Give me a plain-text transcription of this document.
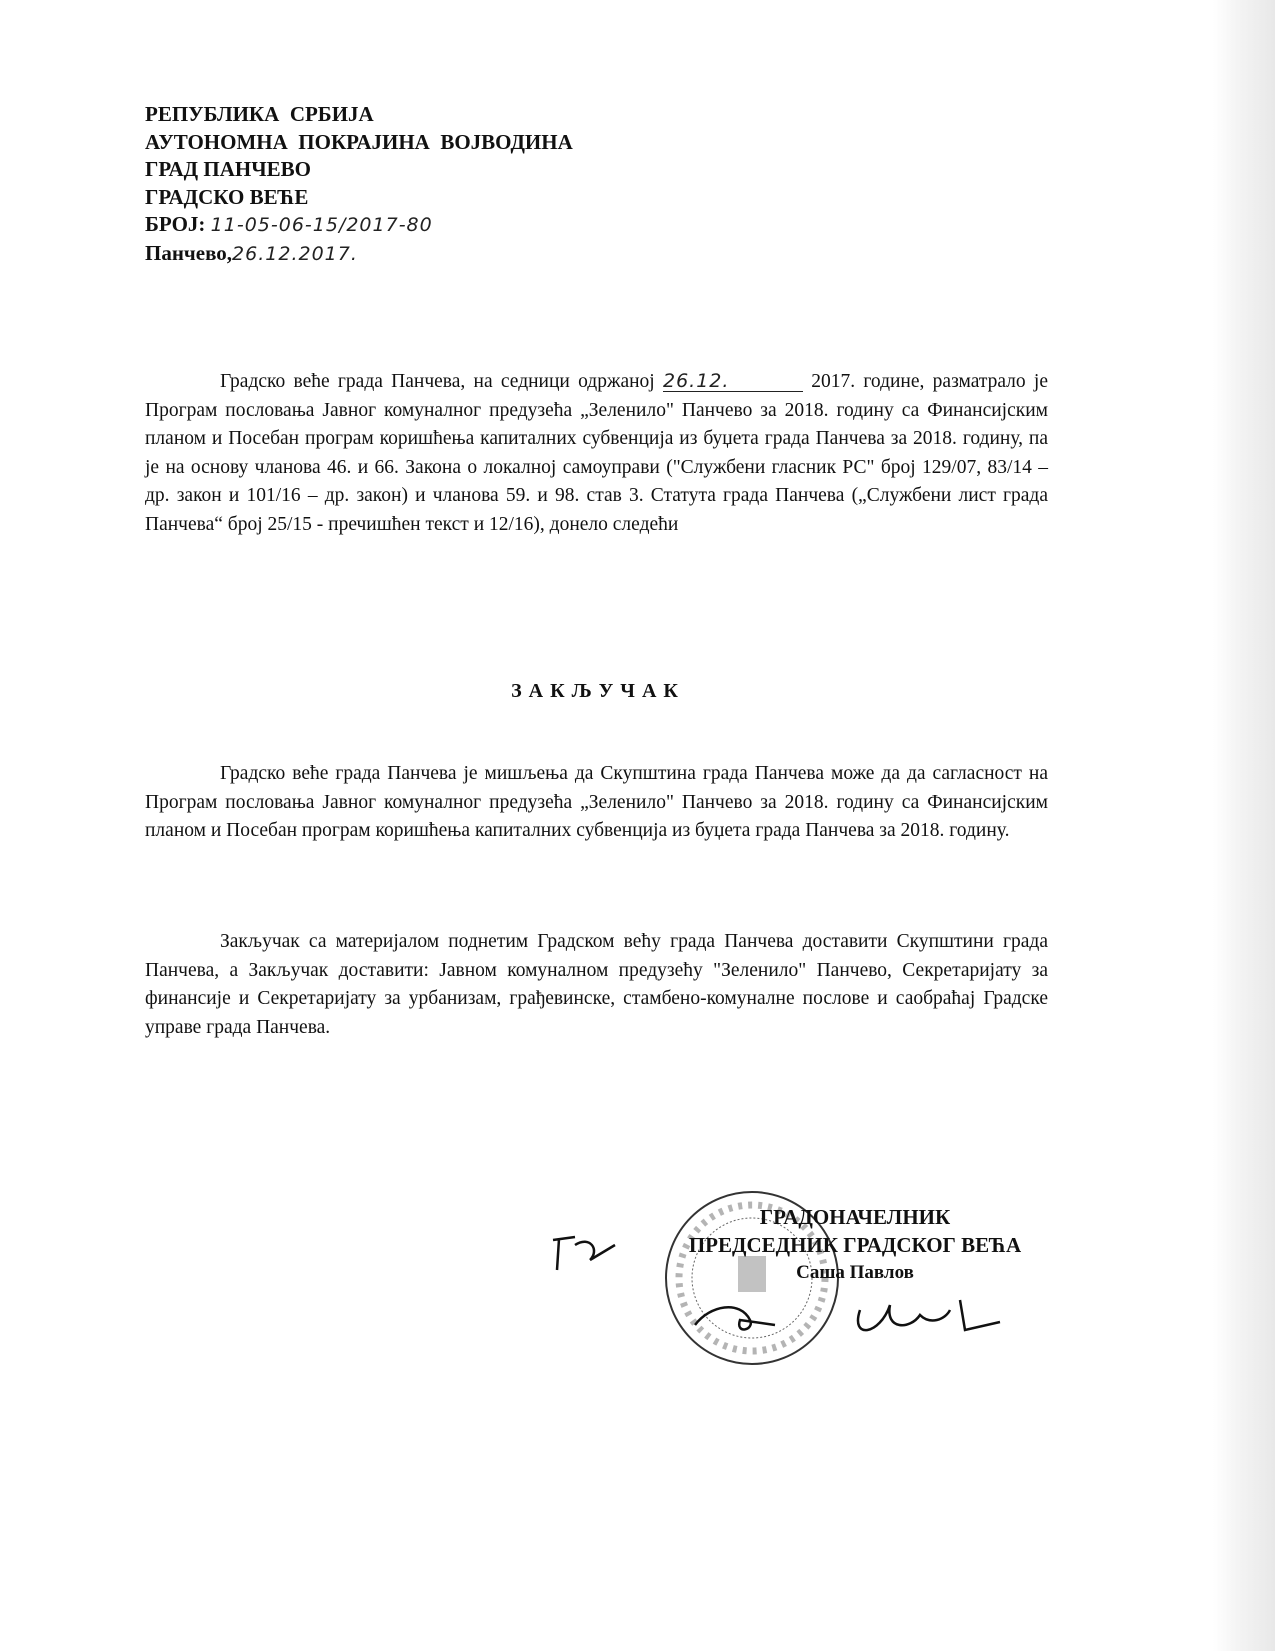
РЕПУБЛИКА  СРБИЈА
АУТОНОМНА  ПОКРАЈИНА  ВОЈВОДИНА
ГРАД ПАНЧЕВО
ГРАДСКО ВЕЋЕ
БРОЈ: 11-05-06-15/2017-80
Панчево,26.12.2017.
Градско веће града Панчева, на седници одржаној 26.12.	2017. године, разматрало је Програм пословања Јавног комуналног предузећа „Зеленило" Панчево за 2018. годину са Финансијским планом и Посебан програм коришћења капиталних субвенција из буџета града Панчева за 2018. годину, па је на основу чланова 46. и 66. Закона о локалној самоуправи ("Службени гласник РС" број 129/07, 83/14 – др. закон и 101/16 – др. закон) и чланова 59. и 98. став 3. Статута града Панчева („Службени лист града Панчева“ број 25/15 - пречишћен текст и 12/16), донело следећи
ЗАКЉУЧАК
Градско веће града Панчева је мишљења да Скупштина града Панчева може да да сагласност на Програм пословања Јавног комуналног предузећа „Зеленило" Панчево за 2018. годину са Финансијским планом и Посебан програм коришћења капиталних субвенција из буџета града Панчева за 2018. годину.
Закључак са материјалом поднетим Градском већу града Панчева доставити Скупштини града Панчева, а Закључак доставити: Јавном комуналном предузећу "Зеленило" Панчево, Секретаријату за финансије и Секретаријату за урбанизам, грађевинске, стамбено-комуналне послове и саобраћај Градске управе града Панчева.
ГРАДОНАЧЕЛНИК
ПРЕДСЕДНИК ГРАДСКОГ ВЕЋА
Саша Павлов
